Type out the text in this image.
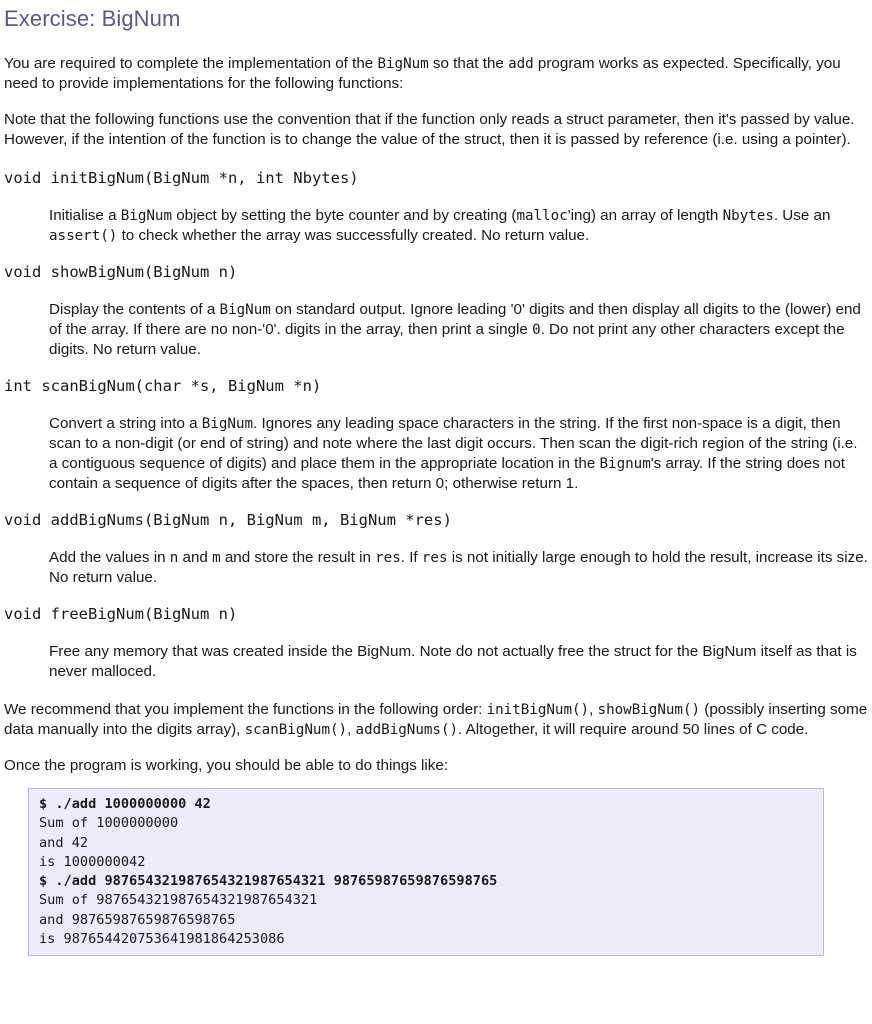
Exercise: BigNum

You are required to complete the implementation of the BigNum so that the add program works as expected. Specifically, you need to provide implementations for the following functions:

Note that the following functions use the convention that if the function only reads a struct parameter, then it's passed by value. However, if the intention of the function is to change the value of the struct, then it is passed by reference (i.e. using a pointer).

void initBigNum(BigNum *n, int Nbytes)

Initialise a BigNum object by setting the byte counter and by creating (malloc'ing) an array of length Nbytes. Use an assert() to check whether the array was successfully created. No return value.

void showBigNum(BigNum n)

Display the contents of a BigNum on standard output. Ignore leading '0' digits and then display all digits to the (lower) end of the array. If there are no non-'0'. digits in the array, then print a single 0. Do not print any other characters except the digits. No return value.

int scanBigNum(char *s, BigNum *n)

Convert a string into a BigNum. Ignores any leading space characters in the string. If the first non-space is a digit, then scan to a non-digit (or end of string) and note where the last digit occurs. Then scan the digit-rich region of the string (i.e. a contiguous sequence of digits) and place them in the appropriate location in the Bignum's array. If the string does not contain a sequence of digits after the spaces, then return 0; otherwise return 1.

void addBigNums(BigNum n, BigNum m, BigNum *res)

Add the values in n and m and store the result in res. If res is not initially large enough to hold the result, increase its size. No return value.

void freeBigNum(BigNum n)

Free any memory that was created inside the BigNum. Note do not actually free the struct for the BigNum itself as that is never malloced.

We recommend that you implement the functions in the following order: initBigNum(), showBigNum() (possibly inserting some data manually into the digits array), scanBigNum(), addBigNums(). Altogether, it will require around 50 lines of C code.

Once the program is working, you should be able to do things like:

$ ./add 1000000000 42
Sum of 1000000000
and 42
is 1000000042
$ ./add 987654321987654321987654321 98765987659876598765
Sum of 987654321987654321987654321
and 98765987659876598765
is 987654420753641981864253086
